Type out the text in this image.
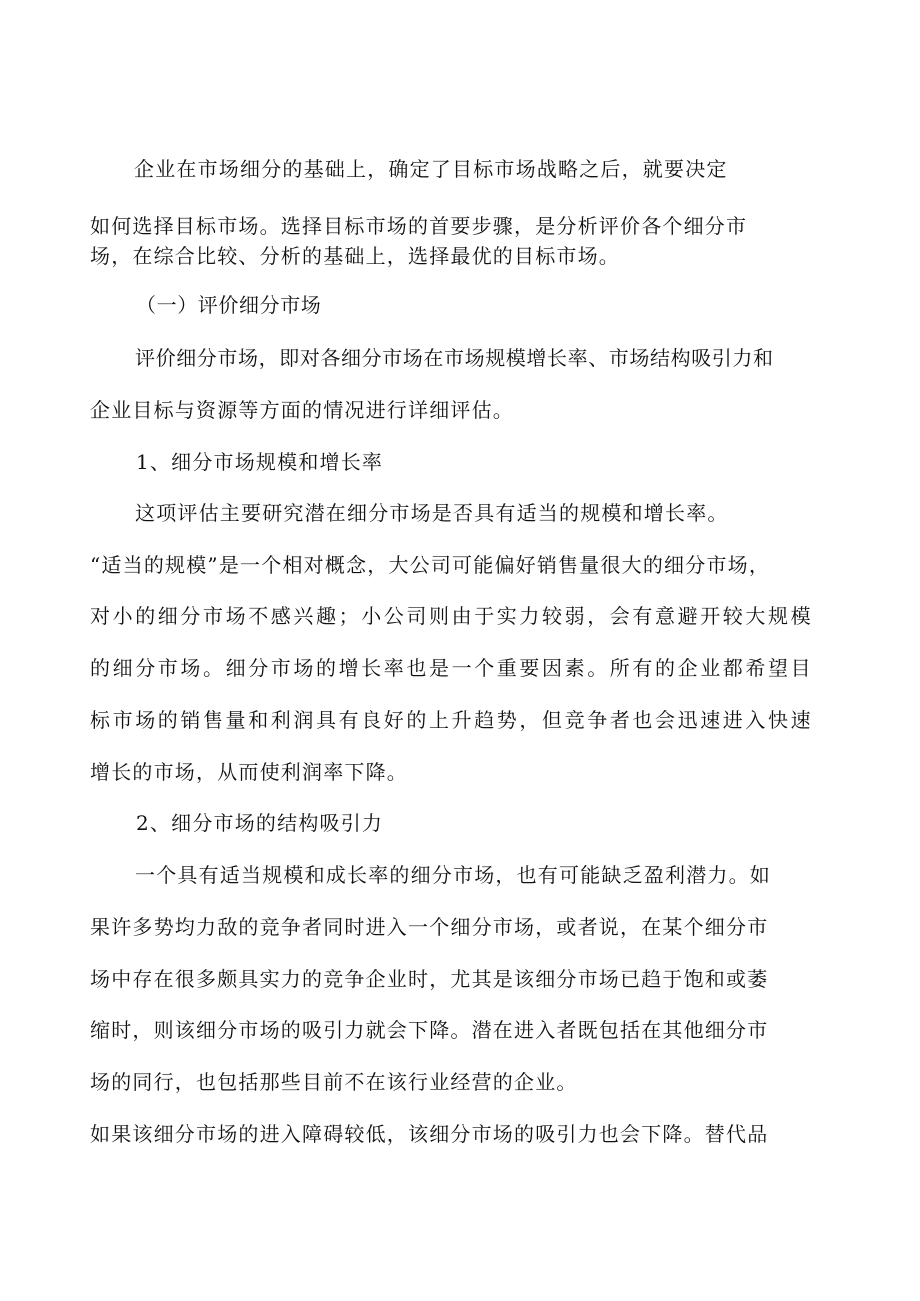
企业在市场细分的基础上，确定了目标市场战略之后，就要决定
如何选择目标市场。选择目标市场的首要步骤，是分析评价各个细分市
场，在综合比较、分析的基础上，选择最优的目标市场。
（一）评价细分市场
评价细分市场，即对各细分市场在市场规模增长率、市场结构吸引力和
企业目标与资源等方面的情况进行详细评估。
1、细分市场规模和增长率
这项评估主要研究潜在细分市场是否具有适当的规模和增长率。
“适当的规模”是一个相对概念，大公司可能偏好销售量很大的细分市场，
对小的细分市场不感兴趣；小公司则由于实力较弱，会有意避开较大规模
的细分市场。细分市场的增长率也是一个重要因素。所有的企业都希望目
标市场的销售量和利润具有良好的上升趋势，但竞争者也会迅速进入快速
增长的市场，从而使利润率下降。
2、细分市场的结构吸引力
一个具有适当规模和成长率的细分市场，也有可能缺乏盈利潜力。如
果许多势均力敌的竞争者同时进入一个细分市场，或者说，在某个细分市
场中存在很多颇具实力的竞争企业时，尤其是该细分市场已趋于饱和或萎
缩时，则该细分市场的吸引力就会下降。潜在进入者既包括在其他细分市
场的同行，也包括那些目前不在该行业经营的企业。
如果该细分市场的进入障碍较低，该细分市场的吸引力也会下降。替代品
